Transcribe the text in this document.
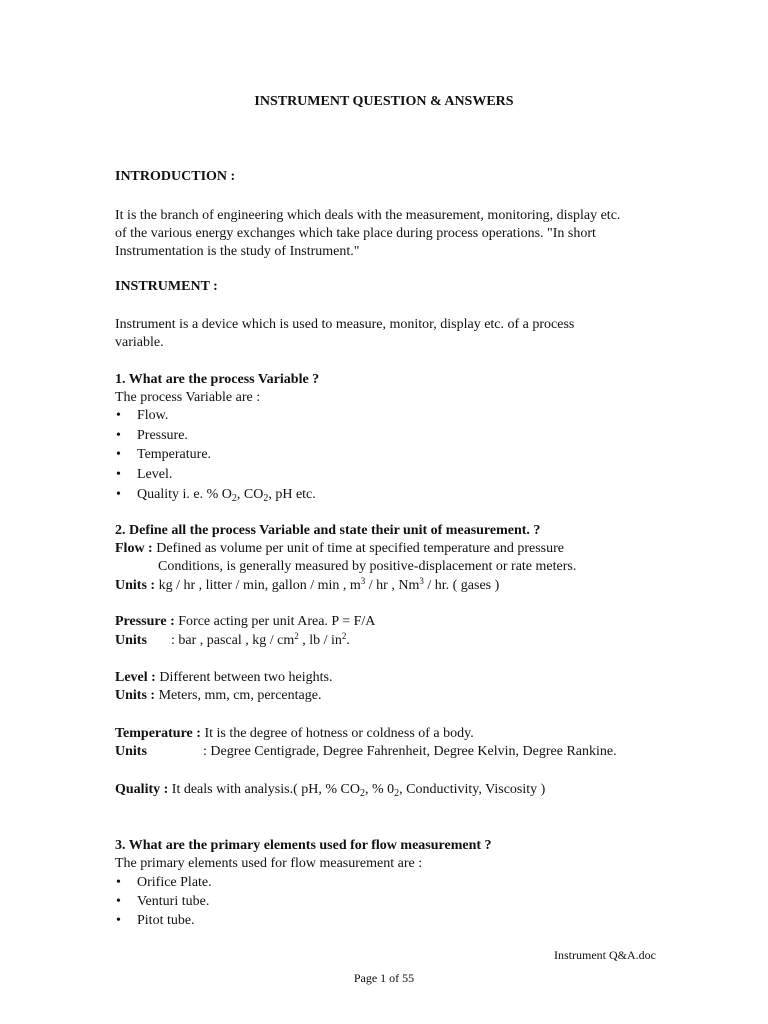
INSTRUMENT QUESTION & ANSWERS
INTRODUCTION :
It is the branch of engineering which deals with the measurement, monitoring, display etc.
of the various energy exchanges which take place during process operations. "In short
Instrumentation is the study of Instrument."
INSTRUMENT :
Instrument is a device which is used to measure, monitor, display etc. of a process
variable.
1. What are the process Variable ?
The process Variable are :
• Flow.
• Pressure.
• Temperature.
• Level.
• Quality i. e. % $O_2$, $CO_2$, pH etc.
2. Define all the process Variable and state their unit of measurement. ?
Flow : Defined as volume per unit of time at specified temperature and pressure
Conditions, is generally measured by positive-displacement or rate meters.
Units : kg / hr , litter / min, gallon / min , $m^3$ / hr , Nm$^3$ / hr. ( gases )
Pressure : Force acting per unit Area. P = F/A
Units : bar , pascal , kg / $cm^2$ , lb / $in^2$.
Level : Different between two heights.
Units : Meters, mm, cm, percentage.
Temperature : It is the degree of hotness or coldness of a body.
Units	: Degree Centigrade, Degree Fahrenheit, Degree Kelvin, Degree Rankine.
Quality : It deals with analysis.( pH, % $CO_2$, % $0_2$, Conductivity, Viscosity )
3. What are the primary elements used for flow measurement ?
The primary elements used for flow measurement are :
• Orifice Plate.
• Venturi tube.
• Pitot tube.
Instrument Q&A.doc
Page 1 of 55
